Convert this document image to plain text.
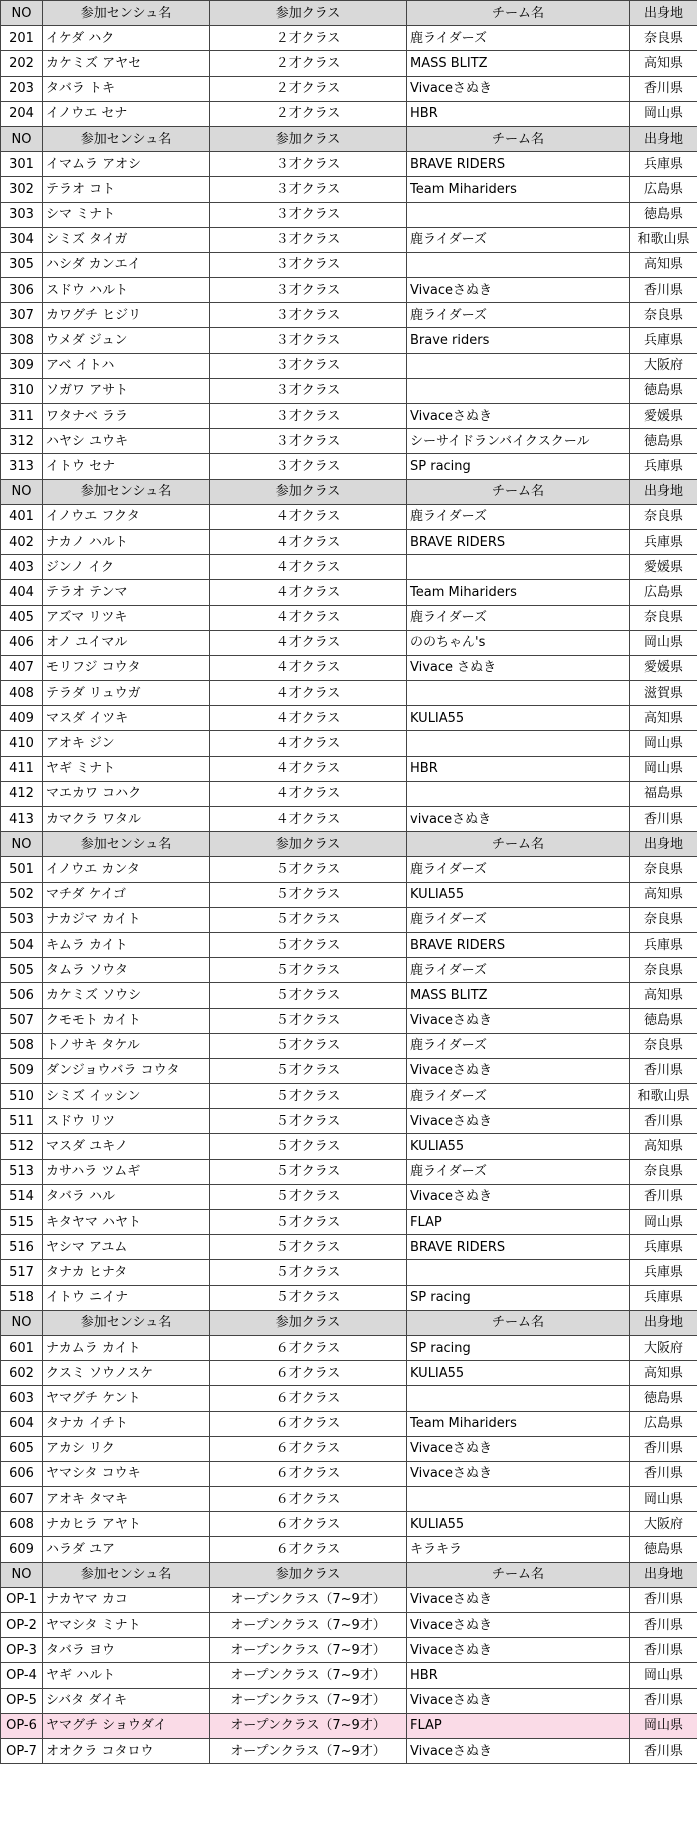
NO	参加センシュ名	参加クラス	チーム名	出身地
201	イケダ ハク	２才クラス	鹿ライダーズ	奈良県
202	カケミズ アヤセ	２才クラス	MASS BLITZ	高知県
203	タバラ トキ	２才クラス	Vivaceさぬき	香川県
204	イノウエ セナ	２才クラス	HBR	岡山県
NO	参加センシュ名	参加クラス	チーム名	出身地
301	イマムラ アオシ	３才クラス	BRAVE RIDERS	兵庫県
302	テラオ コト	３才クラス	Team Mihariders	広島県
303	シマ ミナト	３才クラス		徳島県
304	シミズ タイガ	３才クラス	鹿ライダーズ	和歌山県
305	ハシダ カンエイ	３才クラス		高知県
306	スドウ ハルト	３才クラス	Vivaceさぬき	香川県
307	カワグチ ヒジリ	３才クラス	鹿ライダーズ	奈良県
308	ウメダ ジュン	３才クラス	Brave riders	兵庫県
309	アベ イトハ	３才クラス		大阪府
310	ソガワ アサト	３才クラス		徳島県
311	ワタナベ ララ	３才クラス	Vivaceさぬき	愛媛県
312	ハヤシ ユウキ	３才クラス	シーサイドランバイクスクール	徳島県
313	イトウ セナ	３才クラス	SP racing	兵庫県
NO	参加センシュ名	参加クラス	チーム名	出身地
401	イノウエ フクタ	４才クラス	鹿ライダーズ	奈良県
402	ナカノ ハルト	４才クラス	BRAVE RIDERS	兵庫県
403	ジンノ イク	４才クラス		愛媛県
404	テラオ テンマ	４才クラス	Team Mihariders	広島県
405	アズマ リツキ	４才クラス	鹿ライダーズ	奈良県
406	オノ ユイマル	４才クラス	ののちゃん's	岡山県
407	モリフジ コウタ	４才クラス	Vivace さぬき	愛媛県
408	テラダ リュウガ	４才クラス		滋賀県
409	マスダ イツキ	４才クラス	KULIA55	高知県
410	アオキ ジン	４才クラス		岡山県
411	ヤギ ミナト	４才クラス	HBR	岡山県
412	マエカワ コハク	４才クラス		福島県
413	カマクラ ワタル	４才クラス	vivaceさぬき	香川県
NO	参加センシュ名	参加クラス	チーム名	出身地
501	イノウエ カンタ	５才クラス	鹿ライダーズ	奈良県
502	マチダ ケイゴ	５才クラス	KULIA55	高知県
503	ナカジマ カイト	５才クラス	鹿ライダーズ	奈良県
504	キムラ カイト	５才クラス	BRAVE RIDERS	兵庫県
505	タムラ ソウタ	５才クラス	鹿ライダーズ	奈良県
506	カケミズ ソウシ	５才クラス	MASS BLITZ	高知県
507	クモモト カイト	５才クラス	Vivaceさぬき	徳島県
508	トノサキ タケル	５才クラス	鹿ライダーズ	奈良県
509	ダンジョウバラ コウタ	５才クラス	Vivaceさぬき	香川県
510	シミズ イッシン	５才クラス	鹿ライダーズ	和歌山県
511	スドウ リツ	５才クラス	Vivaceさぬき	香川県
512	マスダ ユキノ	５才クラス	KULIA55	高知県
513	カサハラ ツムギ	５才クラス	鹿ライダーズ	奈良県
514	タバラ ハル	５才クラス	Vivaceさぬき	香川県
515	キタヤマ ハヤト	５才クラス	FLAP	岡山県
516	ヤシマ アユム	５才クラス	BRAVE RIDERS	兵庫県
517	タナカ ヒナタ	５才クラス		兵庫県
518	イトウ ニイナ	５才クラス	SP racing	兵庫県
NO	参加センシュ名	参加クラス	チーム名	出身地
601	ナカムラ カイト	６才クラス	SP racing	大阪府
602	クスミ ソウノスケ	６才クラス	KULIA55	高知県
603	ヤマグチ ケント	６才クラス		徳島県
604	タナカ イチト	６才クラス	Team Mihariders	広島県
605	アカシ リク	６才クラス	Vivaceさぬき	香川県
606	ヤマシタ コウキ	６才クラス	Vivaceさぬき	香川県
607	アオキ タマキ	６才クラス		岡山県
608	ナカヒラ アヤト	６才クラス	KULIA55	大阪府
609	ハラダ ユア	６才クラス	キラキラ	徳島県
NO	参加センシュ名	参加クラス	チーム名	出身地
OP-1	ナカヤマ カコ	オープンクラス（7~9才）	Vivaceさぬき	香川県
OP-2	ヤマシタ ミナト	オープンクラス（7~9才）	Vivaceさぬき	香川県
OP-3	タバラ ヨウ	オープンクラス（7~9才）	Vivaceさぬき	香川県
OP-4	ヤギ ハルト	オープンクラス（7~9才）	HBR	岡山県
OP-5	シバタ ダイキ	オープンクラス（7~9才）	Vivaceさぬき	香川県
OP-6	ヤマグチ ショウダイ	オープンクラス（7~9才）	FLAP	岡山県
OP-7	オオクラ コタロウ	オープンクラス（7~9才）	Vivaceさぬき	香川県
